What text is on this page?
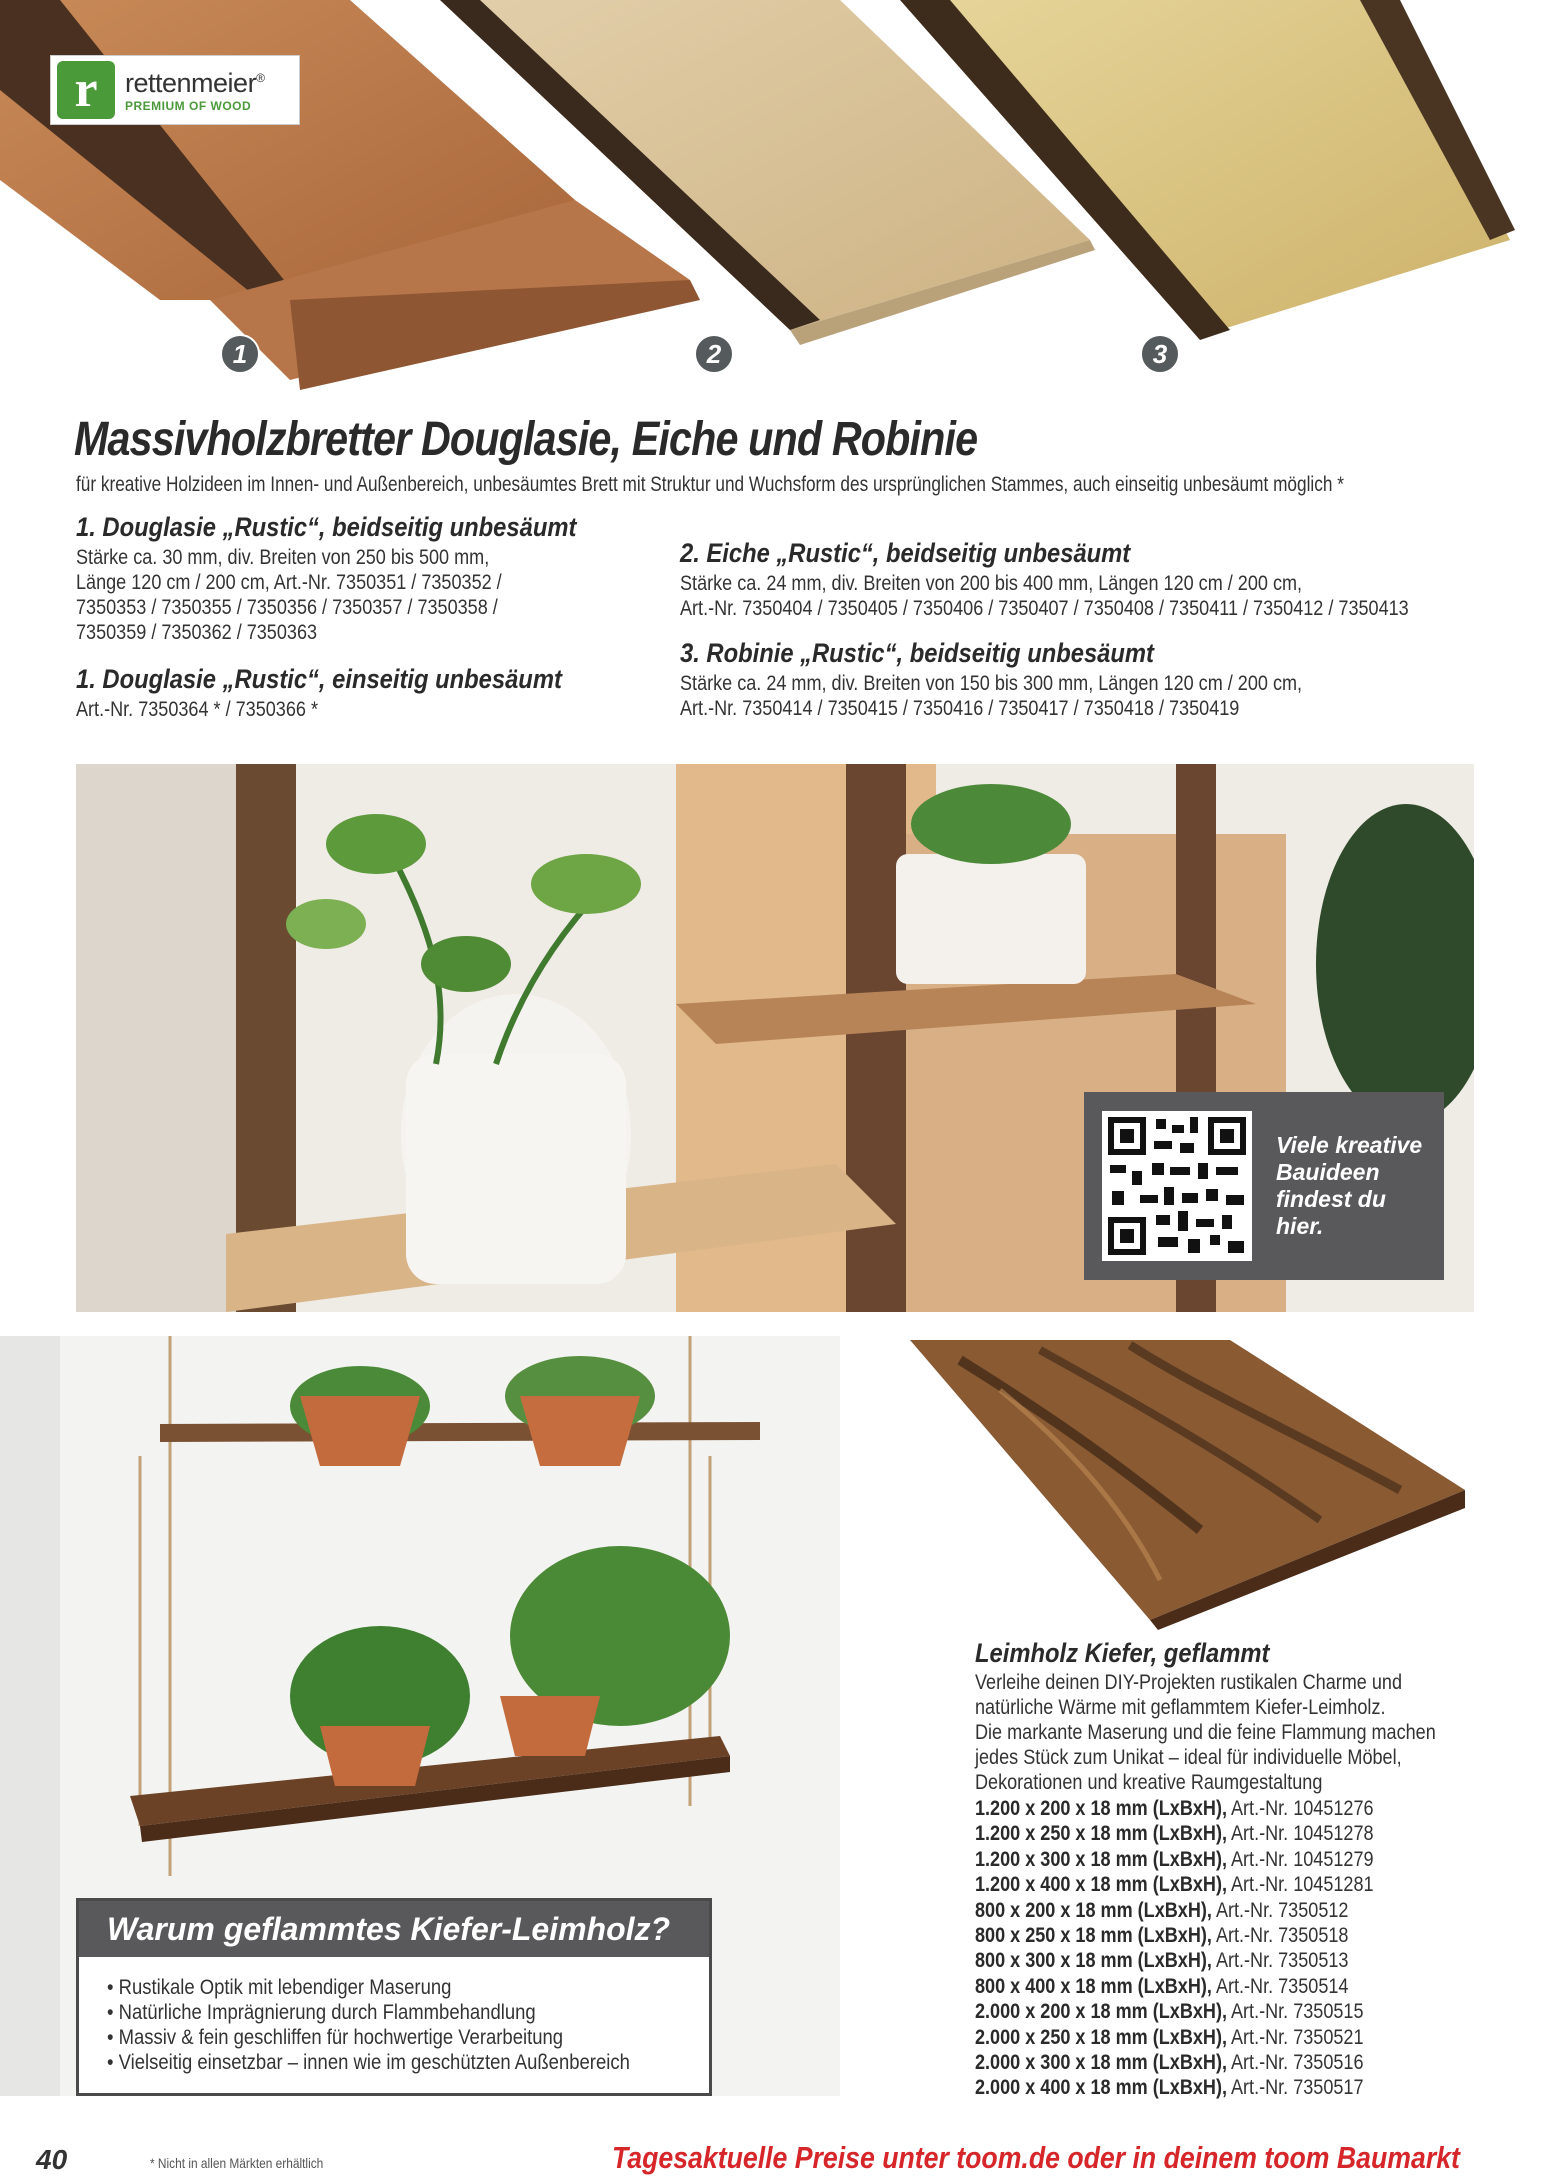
r	rettenmeier®
PREMIUM OF WOOD
1	2	3
Massivholzbretter Douglasie, Eiche und Robinie
für kreative Holzideen im Innen- und Außenbereich, unbesäumtes Brett mit Struktur und Wuchsform des ursprünglichen Stammes, auch einseitig unbesäumt möglich *
1. Douglasie „Rustic“, beidseitig unbesäumt
Stärke ca. 30 mm, div. Breiten von 250 bis 500 mm,
Länge 120 cm / 200 cm, Art.-Nr. 7350351 / 7350352 /
7350353 / 7350355 / 7350356 / 7350357 / 7350358 /
7350359 / 7350362 / 7350363
1. Douglasie „Rustic“, einseitig unbesäumt
Art.-Nr. 7350364 * / 7350366 *
2. Eiche „Rustic“, beidseitig unbesäumt
Stärke ca. 24 mm, div. Breiten von 200 bis 400 mm, Längen 120 cm / 200 cm,
Art.-Nr. 7350404 / 7350405 / 7350406 / 7350407 / 7350408 / 7350411 / 7350412 / 7350413
3. Robinie „Rustic“, beidseitig unbesäumt
Stärke ca. 24 mm, div. Breiten von 150 bis 300 mm, Längen 120 cm / 200 cm,
Art.-Nr. 7350414 / 7350415 / 7350416 / 7350417 / 7350418 / 7350419
Viele kreative
Bauideen
findest du
hier.
Warum geflammtes Kiefer-Leimholz?
• Rustikale Optik mit lebendiger Maserung
• Natürliche Imprägnierung durch Flammbehandlung
• Massiv & fein geschliffen für hochwertige Verarbeitung
• Vielseitig einsetzbar – innen wie im geschützten Außenbereich
Leimholz Kiefer, geflammt
Verleihe deinen DIY-Projekten rustikalen Charme und
natürliche Wärme mit geflammtem Kiefer-Leimholz.
Die markante Maserung und die feine Flammung machen
jedes Stück zum Unikat – ideal für individuelle Möbel,
Dekorationen und kreative Raumgestaltung
1.200 x 200 x 18 mm (LxBxH), Art.-Nr. 10451276
1.200 x 250 x 18 mm (LxBxH), Art.-Nr. 10451278
1.200 x 300 x 18 mm (LxBxH), Art.-Nr. 10451279
1.200 x 400 x 18 mm (LxBxH), Art.-Nr. 10451281
800 x 200 x 18 mm (LxBxH), Art.-Nr. 7350512
800 x 250 x 18 mm (LxBxH), Art.-Nr. 7350518
800 x 300 x 18 mm (LxBxH), Art.-Nr. 7350513
800 x 400 x 18 mm (LxBxH), Art.-Nr. 7350514
2.000 x 200 x 18 mm (LxBxH), Art.-Nr. 7350515
2.000 x 250 x 18 mm (LxBxH), Art.-Nr. 7350521
2.000 x 300 x 18 mm (LxBxH), Art.-Nr. 7350516
2.000 x 400 x 18 mm (LxBxH), Art.-Nr. 7350517
40	* Nicht in allen Märkten erhältlich	Tagesaktuelle Preise unter toom.de oder in deinem toom Baumarkt
